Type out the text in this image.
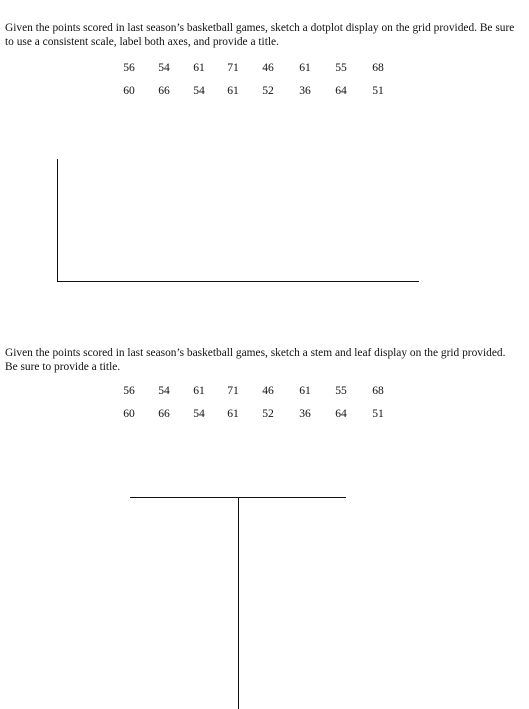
Given the points scored in last season’s basketball games, sketch a dotplot display on the grid provided. Be sure to use a consistent scale, label both axes, and provide a title.

56	54	61	71	46	61	55	68
60	66	54	61	52	36	64	51

Given the points scored in last season’s basketball games, sketch a stem and leaf display on the grid provided. Be sure to provide a title.

56	54	61	71	46	61	55	68
60	66	54	61	52	36	64	51
